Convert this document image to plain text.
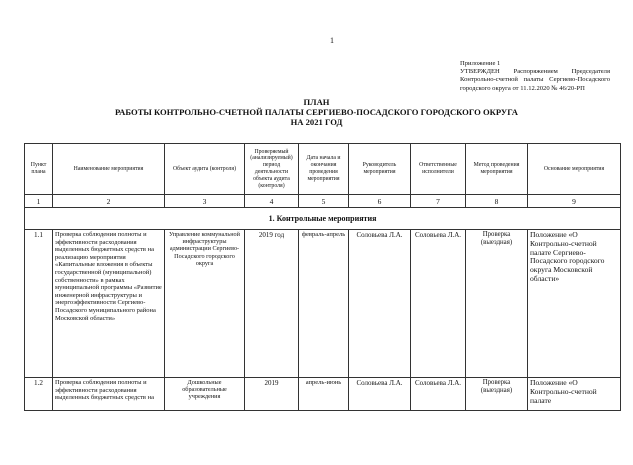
1
Приложение 1
УТВЕРЖДЕН Распоряжением Председателя Контрольно-счетной палаты Сергиево-Посадского городского округа от 11.12.2020 № 46/20-РП
ПЛАН
РАБОТЫ КОНТРОЛЬНО-СЧЕТНОЙ ПАЛАТЫ СЕРГИЕВО-ПОСАДСКОГО ГОРОДСКОГО ОКРУГА
НА 2021 ГОД
Пункт плана	Наименование мероприятия	Объект аудита (контроля)	Проверяемый (анализируемый) период деятельности объекта аудита (контроля)	Дата начала и окончания проведения мероприятия	Руководитель мероприятия	Ответственные исполнители	Метод проведения мероприятия	Основание мероприятия
1	2	3	4	5	6	7	8	9
1. Контрольные мероприятия								
1.1	Проверка соблюдения полноты и эффективности расходования выделенных бюджетных средств на реализацию мероприятия «Капитальные вложения в объекты государственной (муниципальной) собственности» в рамках муниципальной программы «Развитие инженерной инфраструктуры и энергоэффективности Сергиево-Посадского муниципального района Московской области»	Управление коммунальной инфраструктуры администрации Сергиево-Посадского городского округа	2019 год	февраль-апрель	Соловьева Л.А.	Соловьева Л.А.	Проверка (выездная)	Положение «О Контрольно-счетной палате Сергиево-Посадского городского округа Московской области»
1.2	Проверка соблюдения полноты и эффективности расходования выделенных бюджетных средств на	Дошкольные образовательные учреждения	2019	апрель-июнь	Соловьева Л.А.	Соловьева Л.А.	Проверка (выездная)	Положение «О Контрольно-счетной палате
